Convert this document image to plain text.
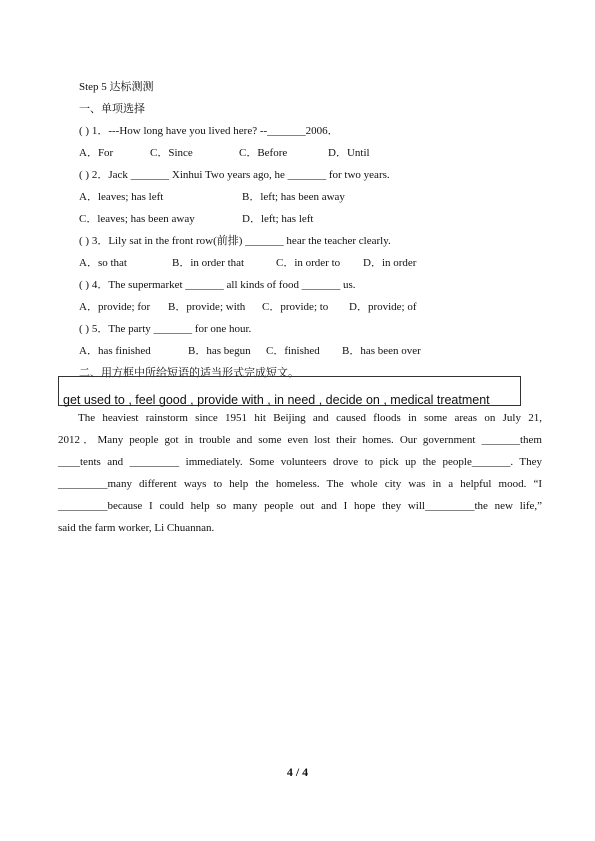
Step 5 达标测测
一、单项选择
( ) 1．---How long have you lived here? --_______2006．
A．For	C．Since	C．Before	D．Until
( ) 2．Jack _______ Xinhui Two years ago, he _______ for two years.
A．leaves; has left	B．left; has been away
C．leaves; has been away	D．left; has left
( ) 3．Lily sat in the front row(前排) _______ hear the teacher clearly.
A．so that	B．in order that	C．in order to D．in order
( ) 4．The supermarket _______ all kinds of food _______ us.
A．provide; for B．provide; with C．provide; to D．provide; of
( ) 5．The party _______ for one hour.
A．has finished	B．has begun C．finished B．has been over
二、用方框中所给短语的适当形式完成短文。
get used to , feel good , provide with , in need , decide on , medical treatment
The heaviest rainstorm since 1951 hit Beijing and caused floods in some areas on July 21,
2012．Many people got in trouble and some even lost their homes. Our government _______them
____tents and _________ immediately. Some volunteers drove to pick up the people_______. They
_________many different ways to help the homeless. The whole city was in a helpful mood. “I
_________because I could help so many people out and I hope they will_________the new life,”
said the farm worker, Li Chuannan.
4 / 4
